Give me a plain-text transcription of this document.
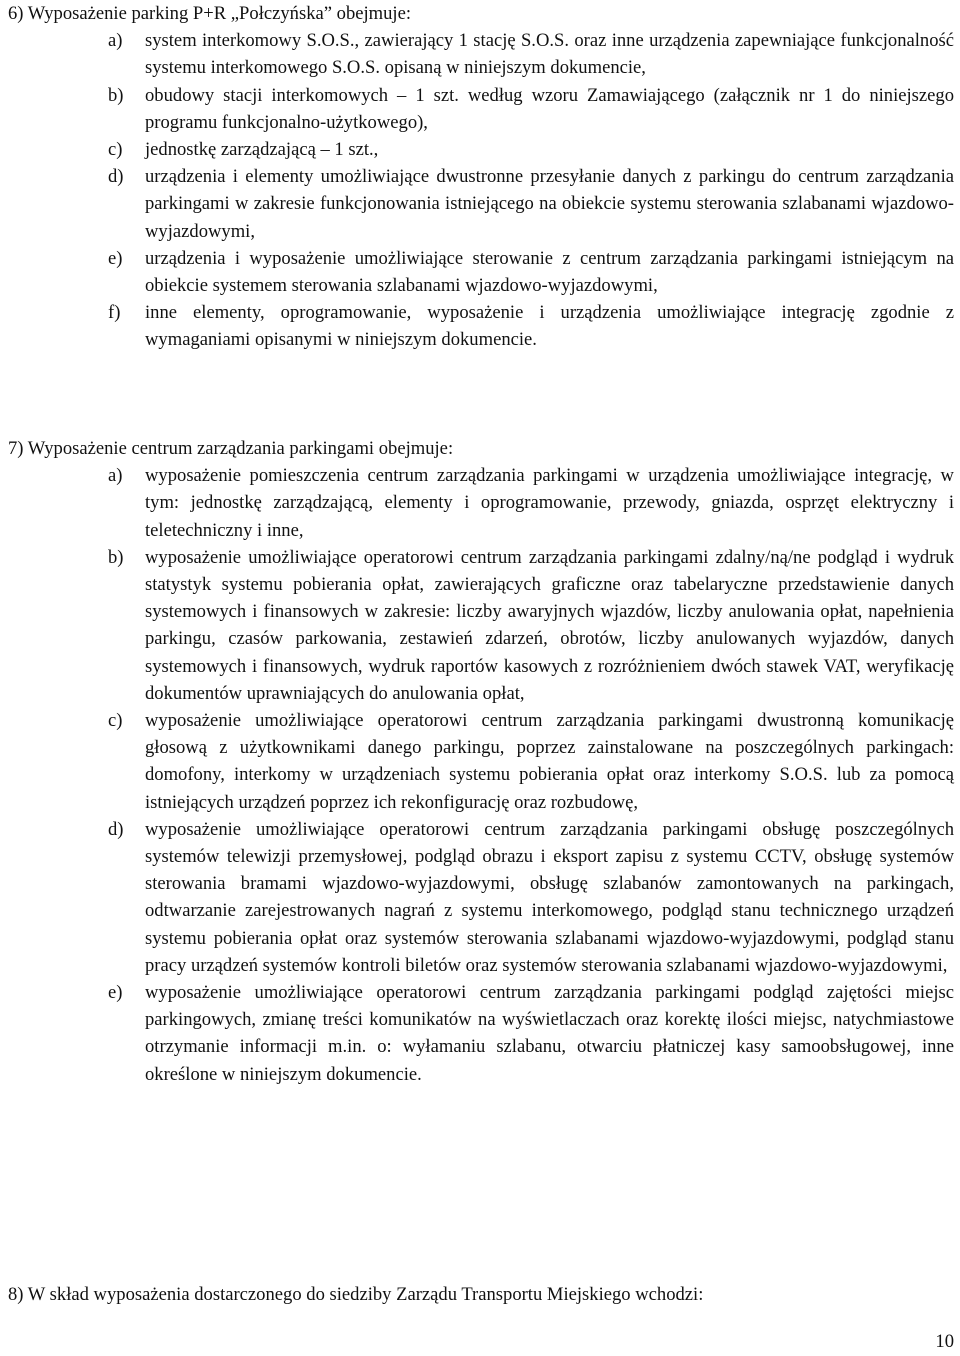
6) Wyposażenie parking P+R „Połczyńska” obejmuje:
a) system interkomowy S.O.S., zawierający 1 stację S.O.S. oraz inne urządzenia zapewniające funkcjonalność systemu interkomowego S.O.S. opisaną w niniejszym dokumencie,
b) obudowy stacji interkomowych – 1 szt. według wzoru Zamawiającego (załącznik nr 1 do niniejszego programu funkcjonalno-użytkowego),
c) jednostkę zarządzającą – 1 szt.,
d) urządzenia i elementy umożliwiające dwustronne przesyłanie danych z parkingu do centrum zarządzania parkingami w zakresie funkcjonowania istniejącego na obiekcie systemu sterowania szlabanami wjazdowo-wyjazdowymi,
e) urządzenia i wyposażenie umożliwiające sterowanie z centrum zarządzania parkingami istniejącym na obiekcie systemem sterowania szlabanami wjazdowo-wyjazdowymi,
f) inne elementy, oprogramowanie, wyposażenie i urządzenia umożliwiające integrację zgodnie z wymaganiami opisanymi w niniejszym dokumencie.
7) Wyposażenie centrum zarządzania parkingami obejmuje:
a) wyposażenie pomieszczenia centrum zarządzania parkingami w urządzenia umożliwiające integrację, w tym: jednostkę zarządzającą, elementy i oprogramowanie, przewody, gniazda, osprzęt elektryczny i teletechniczny i inne,
b) wyposażenie umożliwiające operatorowi centrum zarządzania parkingami zdalny/ną/ne podgląd i wydruk statystyk systemu pobierania opłat, zawierających graficzne oraz tabelaryczne przedstawienie danych systemowych i finansowych w zakresie: liczby awaryjnych wjazdów, liczby anulowania opłat, napełnienia parkingu, czasów parkowania, zestawień zdarzeń, obrotów, liczby anulowanych wyjazdów, danych systemowych i finansowych, wydruk raportów kasowych z rozróżnieniem dwóch stawek VAT, weryfikację dokumentów uprawniających do anulowania opłat,
c) wyposażenie umożliwiające operatorowi centrum zarządzania parkingami dwustronną komunikację głosową z użytkownikami danego parkingu, poprzez zainstalowane na poszczególnych parkingach: domofony, interkomy w urządzeniach systemu pobierania opłat oraz interkomy S.O.S. lub za pomocą istniejących urządzeń poprzez ich rekonfigurację oraz rozbudowę,
d) wyposażenie umożliwiające operatorowi centrum zarządzania parkingami obsługę poszczególnych systemów telewizji przemysłowej, podgląd obrazu i eksport zapisu z systemu CCTV, obsługę systemów sterowania bramami wjazdowo-wyjazdowymi, obsługę szlabanów zamontowanych na parkingach, odtwarzanie zarejestrowanych nagrań z systemu interkomowego, podgląd stanu technicznego urządzeń systemu pobierania opłat oraz systemów sterowania szlabanami wjazdowo-wyjazdowymi, podgląd stanu pracy urządzeń systemów kontroli biletów oraz systemów sterowania szlabanami wjazdowo-wyjazdowymi,
e) wyposażenie umożliwiające operatorowi centrum zarządzania parkingami podgląd zajętości miejsc parkingowych, zmianę treści komunikatów na wyświetlaczach oraz korektę ilości miejsc, natychmiastowe otrzymanie informacji m.in. o: wyłamaniu szlabanu, otwarciu płatniczej kasy samoobsługowej, inne określone w niniejszym dokumencie.
8) W skład wyposażenia dostarczonego do siedziby Zarządu Transportu Miejskiego wchodzi:
10
